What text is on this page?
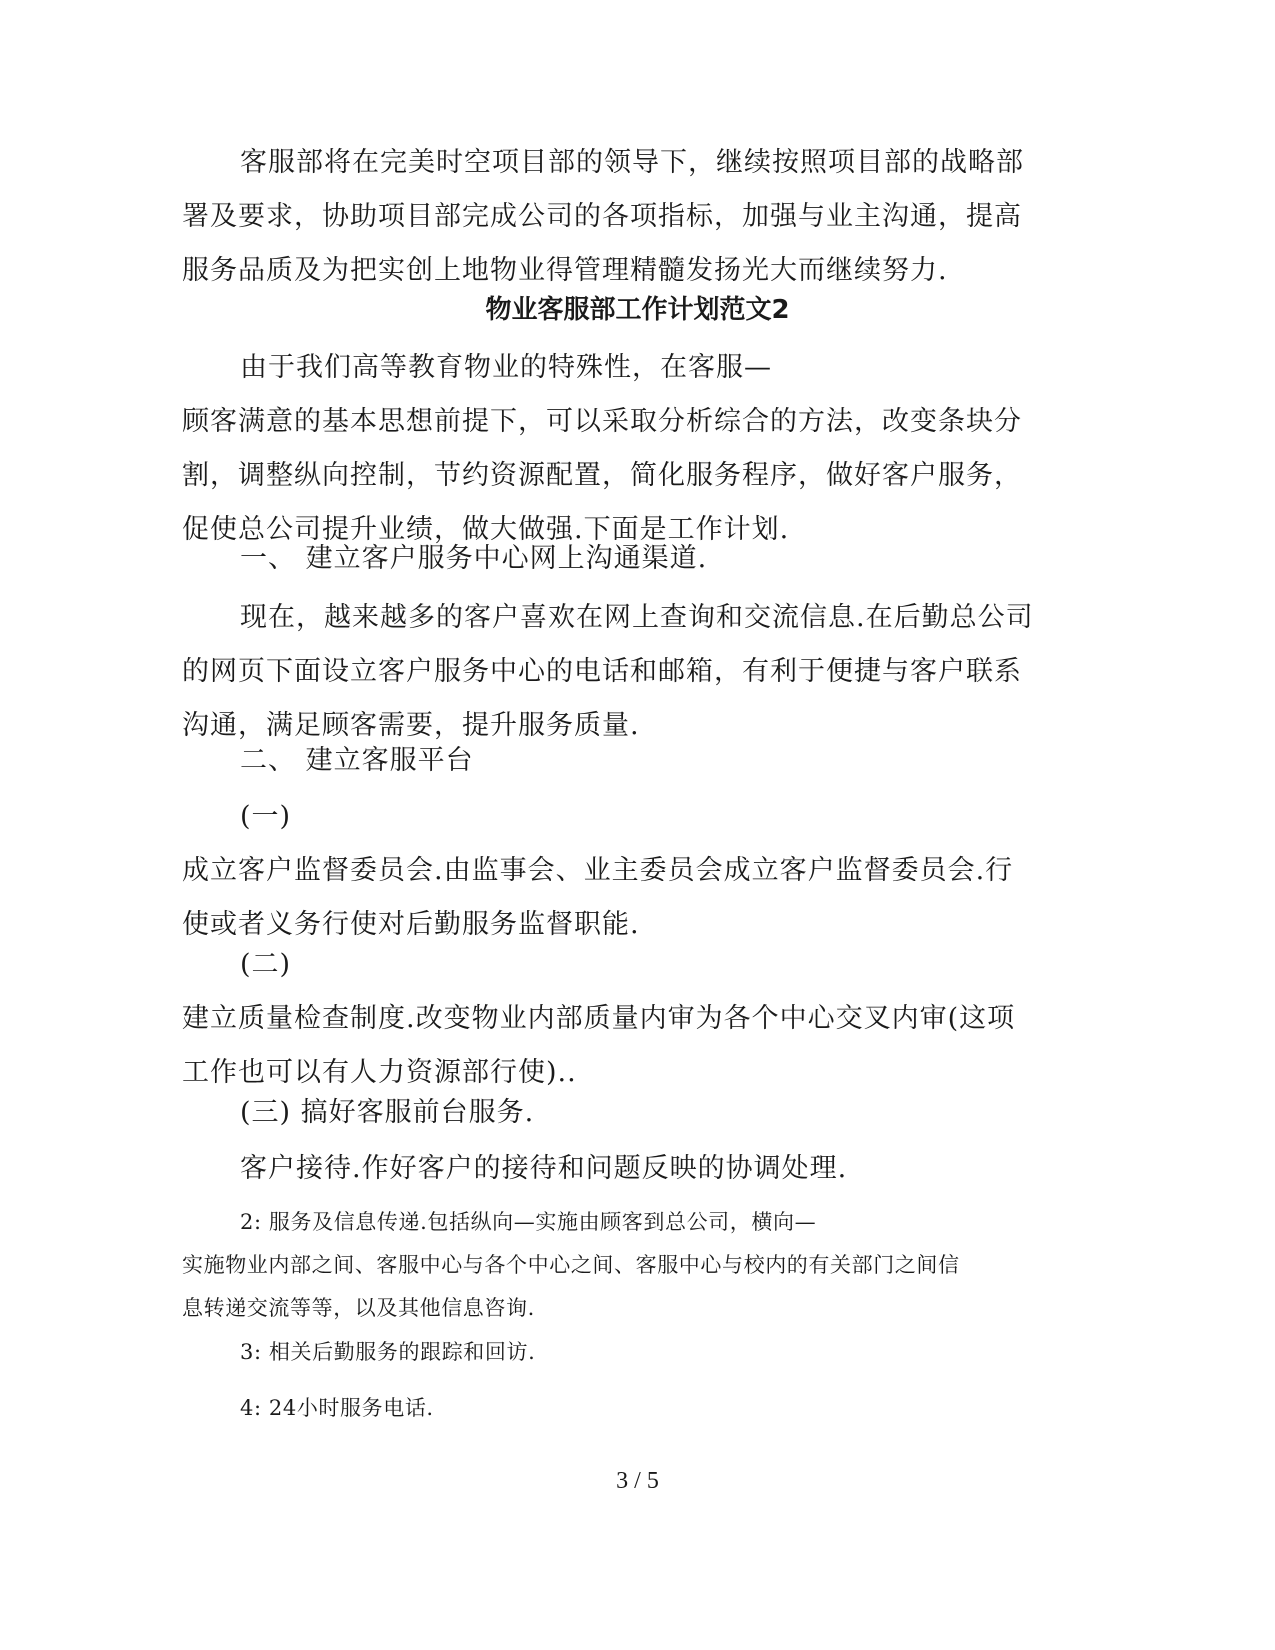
客服部将在完美时空项目部的领导下，继续按照项目部的战略部
署及要求，协助项目部完成公司的各项指标，加强与业主沟通，提高
服务品质及为把实创上地物业得管理精髓发扬光大而继续努力.

物业客服部工作计划范文2

由于我们高等教育物业的特殊性，在客服—
顾客满意的基本思想前提下，可以采取分析综合的方法，改变条块分
割，调整纵向控制，节约资源配置，简化服务程序，做好客户服务，
促使总公司提升业绩，做大做强.下面是工作计划.

一、 建立客户服务中心网上沟通渠道.

现在，越来越多的客户喜欢在网上查询和交流信息.在后勤总公司
的网页下面设立客户服务中心的电话和邮箱，有利于便捷与客户联系
沟通，满足顾客需要，提升服务质量.

二、 建立客服平台

(一)
成立客户监督委员会.由监事会、业主委员会成立客户监督委员会.行
使或者义务行使对后勤服务监督职能.

(二)
建立质量检查制度.改变物业内部质量内审为各个中心交叉内审(这项
工作也可以有人力资源部行使)..

(三) 搞好客服前台服务.

客户接待.作好客户的接待和问题反映的协调处理.

2: 服务及信息传递.包括纵向—实施由顾客到总公司，横向—
实施物业内部之间、客服中心与各个中心之间、客服中心与校内的有关部门之间信
息转递交流等等，以及其他信息咨询.

3: 相关后勤服务的跟踪和回访.

4: 24小时服务电话.

3 / 5
